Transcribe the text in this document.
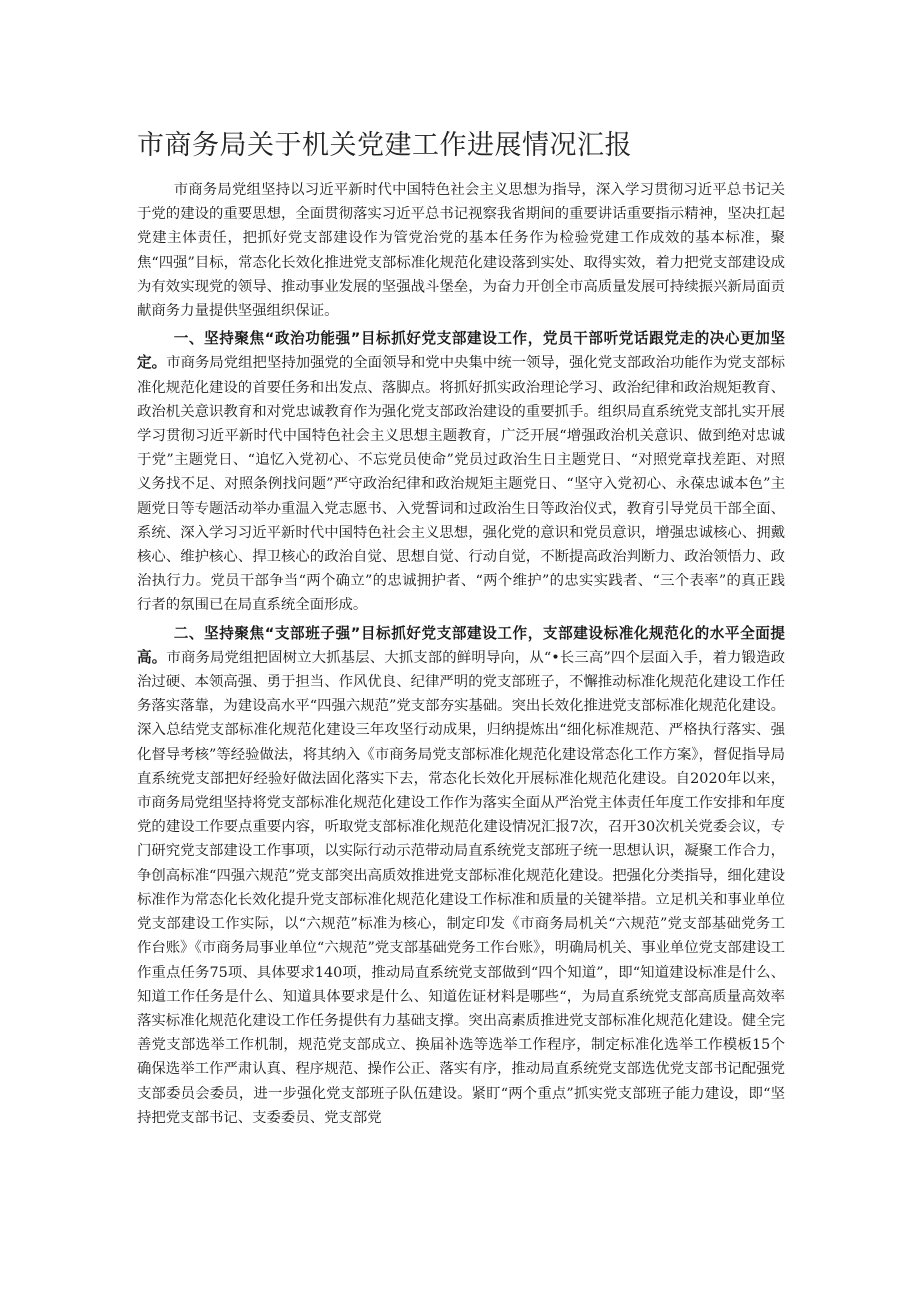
市商务局关于机关党建工作进展情况汇报

市商务局党组坚持以习近平新时代中国特色社会主义思想为指导，深入学习贯彻习近平总书记关于党的建设的重要思想，全面贯彻落实习近平总书记视察我省期间的重要讲话重要指示精神，坚决扛起党建主体责任，把抓好党支部建设作为管党治党的基本任务作为检验党建工作成效的基本标准，聚焦“四强”目标，常态化长效化推进党支部标准化规范化建设落到实处、取得实效，着力把党支部建设成为有效实现党的领导、推动事业发展的坚强战斗堡垒，为奋力开创全市高质量发展可持续振兴新局面贡献商务力量提供坚强组织保证。

一、坚持聚焦“政治功能强”目标抓好党支部建设工作，党员干部听党话跟党走的决心更加坚定。市商务局党组把坚持加强党的全面领导和党中央集中统一领导，强化党支部政治功能作为党支部标准化规范化建设的首要任务和出发点、落脚点。将抓好抓实政治理论学习、政治纪律和政治规矩教育、政治机关意识教育和对党忠诚教育作为强化党支部政治建设的重要抓手。组织局直系统党支部扎实开展学习贯彻习近平新时代中国特色社会主义思想主题教育，广泛开展“增强政治机关意识、做到绝对忠诚于党”主题党日、“追忆入党初心、不忘党员使命”党员过政治生日主题党日、“对照党章找差距、对照义务找不足、对照条例找问题”严守政治纪律和政治规矩主题党日、“坚守入党初心、永葆忠诚本色”主题党日等专题活动举办重温入党志愿书、入党誓词和过政治生日等政治仪式，教育引导党员干部全面、系统、深入学习习近平新时代中国特色社会主义思想，强化党的意识和党员意识，增强忠诚核心、拥戴核心、维护核心、捍卫核心的政治自觉、思想自觉、行动自觉，不断提高政治判断力、政治领悟力、政治执行力。党员干部争当“两个确立”的忠诚拥护者、“两个维护”的忠实实践者、“三个表率”的真正践行者的氛围已在局直系统全面形成。

二、坚持聚焦“支部班子强”目标抓好党支部建设工作，支部建设标准化规范化的水平全面提高。市商务局党组把固树立大抓基层、大抓支部的鲜明导向，从“•长三高”四个层面入手，着力锻造政治过硬、本领高强、勇于担当、作风优良、纪律严明的党支部班子，不懈推动标准化规范化建设工作任务落实落靠，为建设高水平“四强六规范”党支部夯实基础。突出长效化推进党支部标准化规范化建设。深入总结党支部标准化规范化建设三年攻坚行动成果，归纳提炼出“细化标准规范、严格执行落实、强化督导考核”等经验做法，将其纳入《市商务局党支部标准化规范化建设常态化工作方案》，督促指导局直系统党支部把好经验好做法固化落实下去，常态化长效化开展标准化规范化建设。自2020年以来，市商务局党组坚持将党支部标准化规范化建设工作作为落实全面从严治党主体责任年度工作安排和年度党的建设工作要点重要内容，听取党支部标准化规范化建设情况汇报7次，召开30次机关党委会议，专门研究党支部建设工作事项，以实际行动示范带动局直系统党支部班子统一思想认识，凝聚工作合力，争创高标准“四强六规范”党支部突出高质效推进党支部标准化规范化建设。把强化分类指导，细化建设标准作为常态化长效化提升党支部标准化规范化建设工作标准和质量的关键举措。立足机关和事业单位党支部建设工作实际，以“六规范”标准为核心，制定印发《市商务局机关“六规范”党支部基础党务工作台账》《市商务局事业单位“六规范”党支部基础党务工作台账》，明确局机关、事业单位党支部建设工作重点任务75项、具体要求140项，推动局直系统党支部做到“四个知道”，即“知道建设标准是什么、知道工作任务是什么、知道具体要求是什么、知道佐证材料是哪些“，为局直系统党支部高质量高效率落实标准化规范化建设工作任务提供有力基础支撑。突出高素质推进党支部标准化规范化建设。健全完善党支部选举工作机制，规范党支部成立、换届补选等选举工作程序，制定标准化选举工作模板15个确保选举工作严肃认真、程序规范、操作公正、落实有序，推动局直系统党支部选优党支部书记配强党支部委员会委员，进一步强化党支部班子队伍建设。紧盯“两个重点”抓实党支部班子能力建设，即“坚持把党支部书记、支委委员、党支部党
